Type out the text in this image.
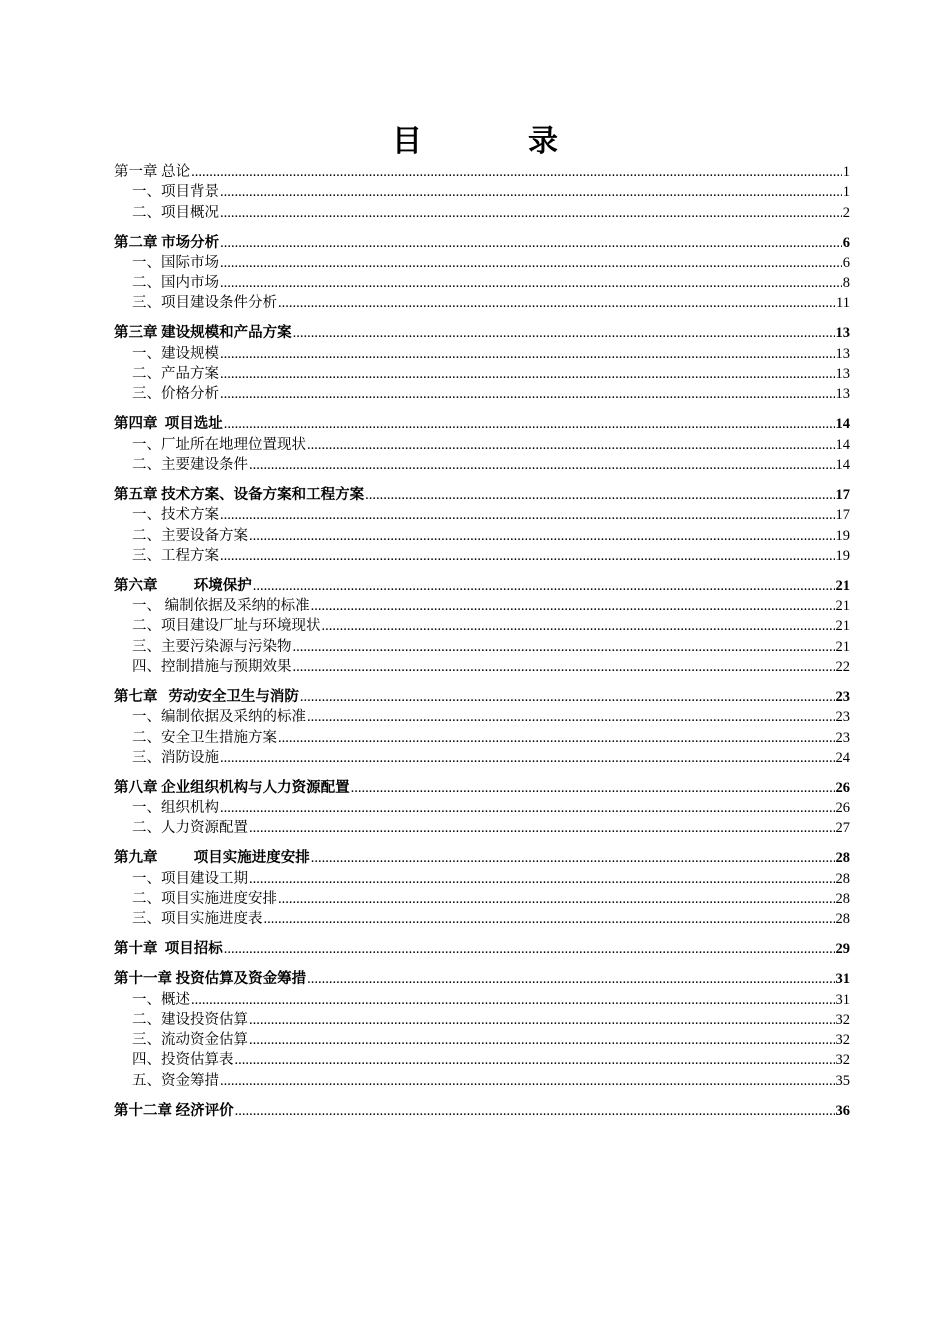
目　录
第一章 总论 .....	1
一、项目背景 .....	1
二、项目概况 .....	2
第二章 市场分析 .....	6
一、国际市场 .....	6
二、国内市场 .....	8
三、项目建设条件分析 .....	11
第三章 建设规模和产品方案 .....	13
一、建设规模 .....	13
二、产品方案 .....	13
三、价格分析 .....	13
第四章  项目选址 .....	14
一、厂址所在地理位置现状 .....	14
二、主要建设条件 .....	14
第五章 技术方案、设备方案和工程方案 .....	17
一、技术方案 .....	17
二、主要设备方案 .....	19
三、工程方案 .....	19
第六章          环境保护 .....	21
一、 编制依据及采纳的标准 .....	21
二、项目建设厂址与环境现状 .....	21
三、主要污染源与污染物 .....	21
四、控制措施与预期效果 .....	22
第七章   劳动安全卫生与消防 .....	23
一、编制依据及采纳的标准 .....	23
二、安全卫生措施方案 .....	23
三、消防设施 .....	24
第八章 企业组织机构与人力资源配置 .....	26
一、组织机构 .....	26
二、人力资源配置 .....	27
第九章          项目实施进度安排 .....	28
一、项目建设工期 .....	28
二、项目实施进度安排 .....	28
三、项目实施进度表 .....	28
第十章  项目招标 .....	29
第十一章 投资估算及资金筹措 .....	31
一、概述 .....	31
二、建设投资估算 .....	32
三、流动资金估算 .....	32
四、投资估算表 .....	32
五、资金筹措 .....	35
第十二章 经济评价 .....	36
